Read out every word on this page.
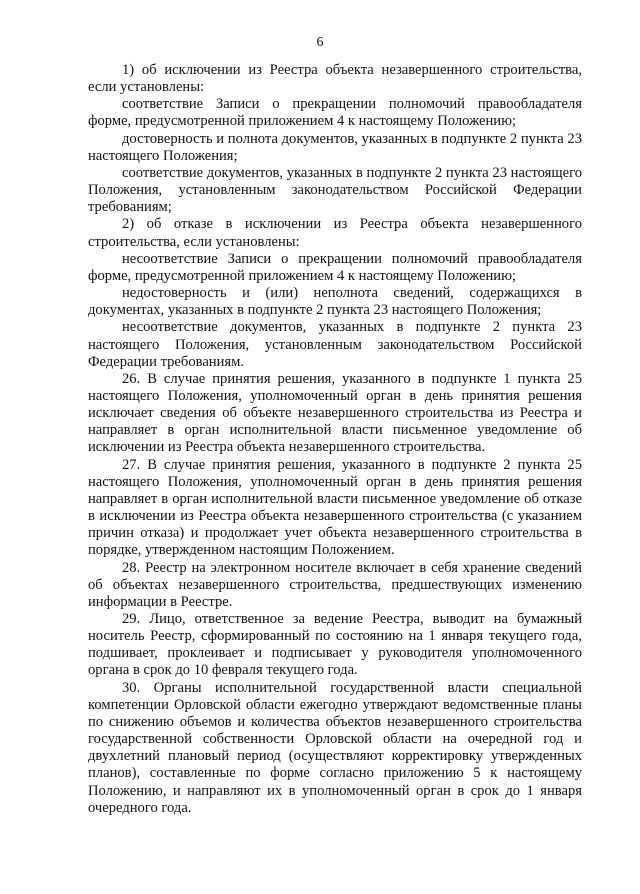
6

1) об исключении из Реестра объекта незавершенного строительства, если установлены:

соответствие Записи о прекращении полномочий правообладателя форме, предусмотренной приложением 4 к настоящему Положению;

достоверность и полнота документов, указанных в подпункте 2 пункта 23 настоящего Положения;

соответствие документов, указанных в подпункте 2 пункта 23 настоящего Положения, установленным законодательством Российской Федерации требованиям;

2) об отказе в исключении из Реестра объекта незавершенного строительства, если установлены:

несоответствие Записи о прекращении полномочий правообладателя форме, предусмотренной приложением 4 к настоящему Положению;

недостоверность и (или) неполнота сведений, содержащихся в документах, указанных в подпункте 2 пункта 23 настоящего Положения;

несоответствие документов, указанных в подпункте 2 пункта 23 настоящего Положения, установленным законодательством Российской Федерации требованиям.

26. В случае принятия решения, указанного в подпункте 1 пункта 25 настоящего Положения, уполномоченный орган в день принятия решения исключает сведения об объекте незавершенного строительства из Реестра и направляет в орган исполнительной власти письменное уведомление об исключении из Реестра объекта незавершенного строительства.

27. В случае принятия решения, указанного в подпункте 2 пункта 25 настоящего Положения, уполномоченный орган в день принятия решения направляет в орган исполнительной власти письменное уведомление об отказе в исключении из Реестра объекта незавершенного строительства (с указанием причин отказа) и продолжает учет объекта незавершенного строительства в порядке, утвержденном настоящим Положением.

28. Реестр на электронном носителе включает в себя хранение сведений об объектах незавершенного строительства, предшествующих изменению информации в Реестре.

29. Лицо, ответственное за ведение Реестра, выводит на бумажный носитель Реестр, сформированный по состоянию на 1 января текущего года, подшивает, проклеивает и подписывает у руководителя уполномоченного органа в срок до 10 февраля текущего года.

30. Органы исполнительной государственной власти специальной компетенции Орловской области ежегодно утверждают ведомственные планы по снижению объемов и количества объектов незавершенного строительства государственной собственности Орловской области на очередной год и двухлетний плановый период (осуществляют корректировку утвержденных планов), составленные по форме согласно приложению 5 к настоящему Положению, и направляют их в уполномоченный орган в срок до 1 января очередного года.
